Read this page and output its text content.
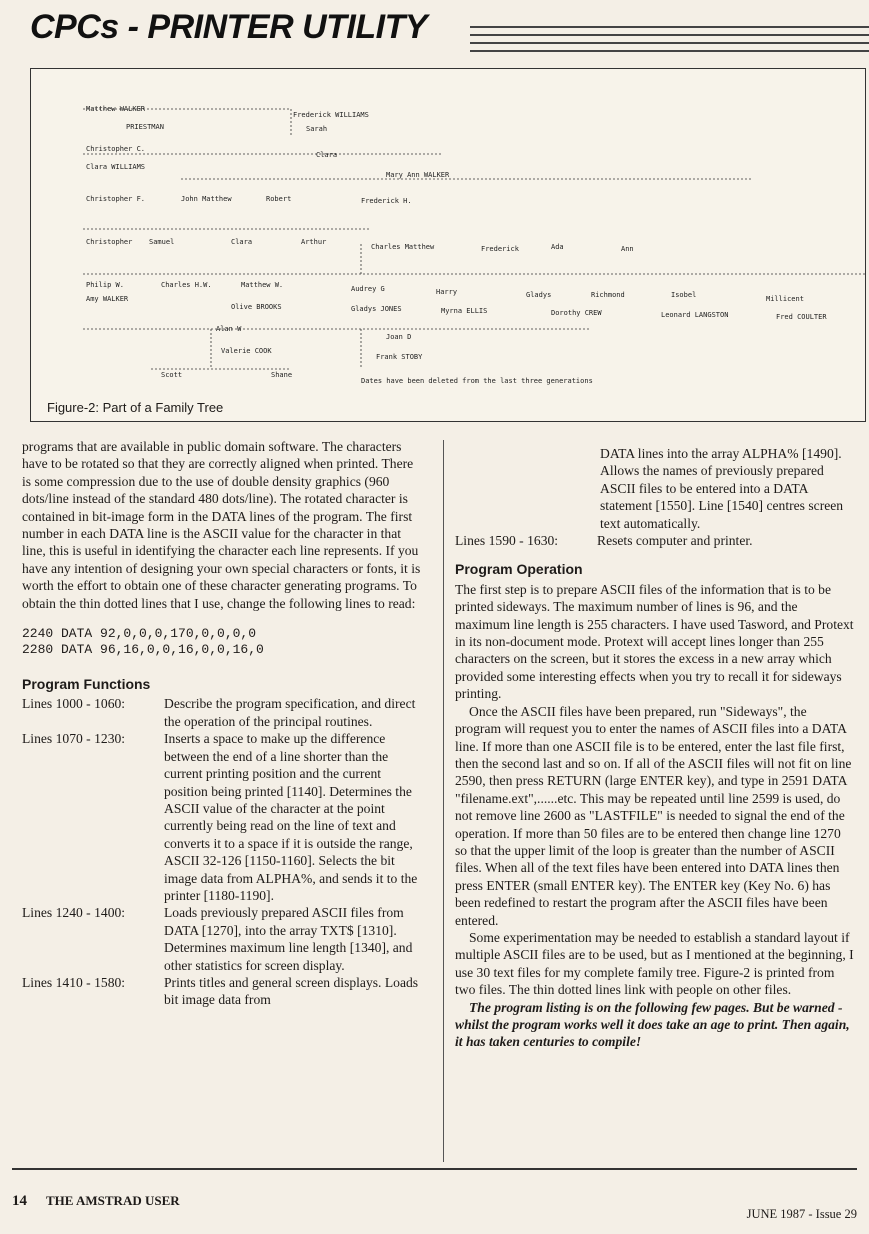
CPCs - PRINTER UTILITY
Matthew WALKER
Frederick WILLIAMS
PRIESTMAN	Sarah
Christopher C.
Clara
Clara WILLIAMS
Mary Ann WALKER
Christopher F.	John Matthew	Robert	Frederick H.
Christopher Samuel	Clara	Arthur
Charles Matthew	Frederick	Ada	Ann
Philip W.	Charles H.W.	Matthew W.	Audrey G	Harry	Gladys	Richmond	Isobel	Millicent
Amy WALKER
Olive BROOKS	Gladys JONES	Myrna ELLIS	Dorothy CREW	Leonard LANGSTON	Fred COULTER
Alan W
Joan D
Valerie COOK
Frank STOBY
Scott	Shane
Dates have been deleted from the last three generations
Figure-2: Part of a Family Tree

programs that are available in public domain software. The characters have to be rotated so that they are correctly aligned when printed. There is some compression due to the use of double density graphics (960 dots/line instead of the standard 480 dots/line). The rotated character is contained in bit-image form in the DATA lines of the program. The first number in each DATA line is the ASCII value for the character in that line, this is useful in identifying the character each line represents. If you have any intention of designing your own special characters or fonts, it is worth the effort to obtain one of these character generating programs. To obtain the thin dotted lines that I use, change the following lines to read:

2240 DATA 92,0,0,0,170,0,0,0,0
2280 DATA 96,16,0,0,16,0,0,16,0
Program Functions
Lines 1000 - 1060:	Describe the program specification, and direct the operation of the principal routines.
Lines 1070 - 1230:	Inserts a space to make up the difference between the end of a line shorter than the current printing position and the current position being printed [1140]. Determines the ASCII value of the character at the point currently being read on the line of text and converts it to a space if it is outside the range, ASCII 32-126 [1150-1160]. Selects the bit image data from ALPHA%, and sends it to the printer [1180-1190].
Lines 1240 - 1400:	Loads previously prepared ASCII files from DATA [1270], into the array TXT$ [1310]. Determines maximum line length [1340], and other statistics for screen display.
Lines 1410 - 1580:	Prints titles and general screen displays. Loads bit image data from

DATA lines into the array ALPHA% [1490]. Allows the names of previously prepared ASCII files to be entered into a DATA statement [1550]. Line [1540] centres screen text automatically.

Lines 1590 - 1630:	Resets computer and printer.
Program Operation

The first step is to prepare ASCII files of the information that is to be printed sideways. The maximum number of lines is 96, and the maximum line length is 255 characters. I have used Tasword, and Protext in its non-document mode. Protext will accept lines longer than 255 characters on the screen, but it stores the excess in a new array which provided some interesting effects when you try to recall it for sideways printing.

Once the ASCII files have been prepared, run "Sideways", the program will request you to enter the names of ASCII files into a DATA line. If more than one ASCII file is to be entered, enter the last file first, then the second last and so on. If all of the ASCII files will not fit on line 2590, then press RETURN (large ENTER key), and type in 2591 DATA "filename.ext",......etc. This may be repeated until line 2599 is used, do not remove line 2600 as "LASTFILE" is needed to signal the end of the operation. If more than 50 files are to be entered then change line 1270 so that the upper limit of the loop is greater than the number of ASCII files. When all of the text files have been entered into DATA lines then press ENTER (small ENTER key). The ENTER key (Key No. 6) has been redefined to restart the program after the ASCII files have been entered.

Some experimentation may be needed to establish a standard layout if multiple ASCII files are to be used, but as I mentioned at the beginning, I use 30 text files for my complete family tree. Figure-2 is printed from two files. The thin dotted lines link with people on other files.

The program listing is on the following few pages. But be warned - whilst the program works well it does take an age to print. Then again, it has taken centuries to compile!

14 THE AMSTRAD USER
JUNE 1987 - Issue 29
